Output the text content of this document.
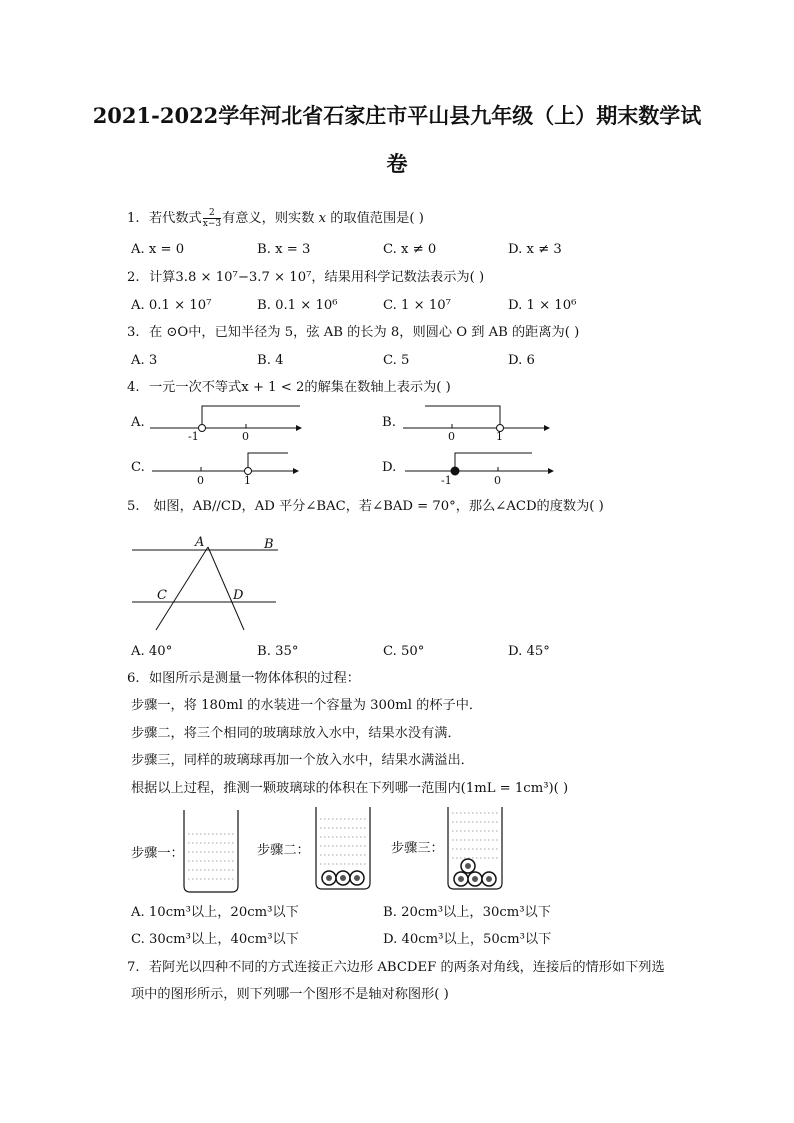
2021-2022学年河北省石家庄市平山县九年级（上）期末数学试
卷
1. 若代数式 $\frac{2}{x-3}$ 有意义，则实数 x 的取值范围是( )
A. x = 0	B. x = 3	C. x ≠ 0	D. x ≠ 3
2. 计算3.8 × 10⁷−3.7 × 10⁷，结果用科学记数法表示为( )
A. 0.1 × 10⁷	B. 0.1 × 10⁶	C. 1 × 10⁷	D. 1 × 10⁶
3. 在 ⊙O中，已知半径为 5，弦 AB 的长为 8，则圆心 O 到 AB 的距离为( )
A. 3	B. 4	C. 5	D. 6
4. 一元一次不等式x + 1 < 2的解集在数轴上表示为( )
A.
-1	0
B.
0	1
C.
0	1
D.
-1	0
5. 如图，AB//CD，AD 平分∠BAC，若∠BAD = 70°，那么∠ACD的度数为( )
A	B
C	D
A. 40°	B. 35°	C. 50°	D. 45°
6. 如图所示是测量一物体体积的过程：
步骤一，将 180ml 的水装进一个容量为 300ml 的杯子中．
步骤二，将三个相同的玻璃球放入水中，结果水没有满．
步骤三，同样的玻璃球再加一个放入水中，结果水满溢出．
根据以上过程，推测一颗玻璃球的体积在下列哪一范围内(1mL = 1cm³)( )
步骤一：	步骤二：	步骤三：
A. 10cm³以上，20cm³以下	B. 20cm³以上，30cm³以下
C. 30cm³以上，40cm³以下	D. 40cm³以上，50cm³以下
7. 若阿光以四种不同的方式连接正六边形 ABCDEF 的两条对角线，连接后的情形如下列选
项中的图形所示，则下列哪一个图形不是轴对称图形( )
